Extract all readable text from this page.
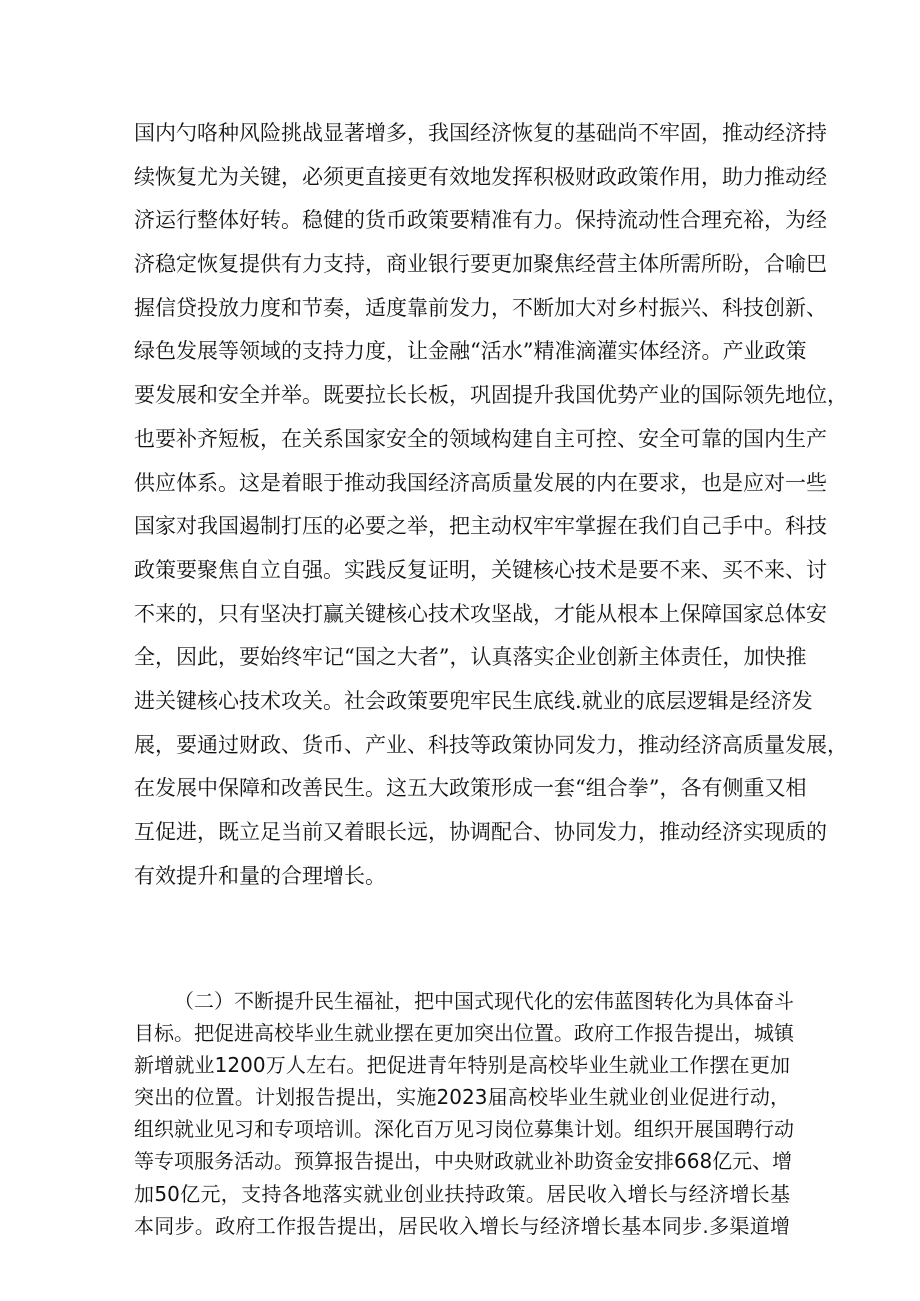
国内勺咯种风险挑战显著增多，我国经济恢复的基础尚不牢固，推动经济持
续恢复尤为关键，必须更直接更有效地发挥积极财政政策作用，助力推动经
济运行整体好转。稳健的货币政策要精准有力。保持流动性合理充裕，为经
济稳定恢复提供有力支持，商业银行要更加聚焦经营主体所需所盼，合喻巴
握信贷投放力度和节奏，适度靠前发力，不断加大对乡村振兴、科技创新、
绿色发展等领域的支持力度，让金融“活水”精准滴灌实体经济。产业政策
要发展和安全并举。既要拉长长板，巩固提升我国优势产业的国际领先地位，
也要补齐短板，在关系国家安全的领域构建自主可控、安全可靠的国内生产
供应体系。这是着眼于推动我国经济高质量发展的内在要求，也是应对一些
国家对我国遏制打压的必要之举，把主动权牢牢掌握在我们自己手中。科技
政策要聚焦自立自强。实践反复证明，关键核心技术是要不来、买不来、讨
不来的，只有坚决打赢关键核心技术攻坚战，才能从根本上保障国家总体安
全，因此，要始终牢记“国之大者”，认真落实企业创新主体责任，加快推
进关键核心技术攻关。社会政策要兜牢民生底线.就业的底层逻辑是经济发
展，要通过财政、货币、产业、科技等政策协同发力，推动经济高质量发展，
在发展中保障和改善民生。这五大政策形成一套“组合拳”，各有侧重又相
互促进，既立足当前又着眼长远，协调配合、协同发力，推动经济实现质的
有效提升和量的合理增长。
（二）不断提升民生福祉，把中国式现代化的宏伟蓝图转化为具体奋斗
目标。把促进高校毕业生就业摆在更加突出位置。政府工作报告提出，城镇
新增就业1200万人左右。把促进青年特别是高校毕业生就业工作摆在更加
突出的位置。计划报告提出，实施2023届高校毕业生就业创业促进行动，
组织就业见习和专项培训。深化百万见习岗位募集计划。组织开展国聘行动
等专项服务活动。预算报告提出，中央财政就业补助资金安排668亿元、增
加50亿元，支持各地落实就业创业扶持政策。居民收入增长与经济增长基
本同步。政府工作报告提出，居民收入增长与经济增长基本同步.多渠道增
